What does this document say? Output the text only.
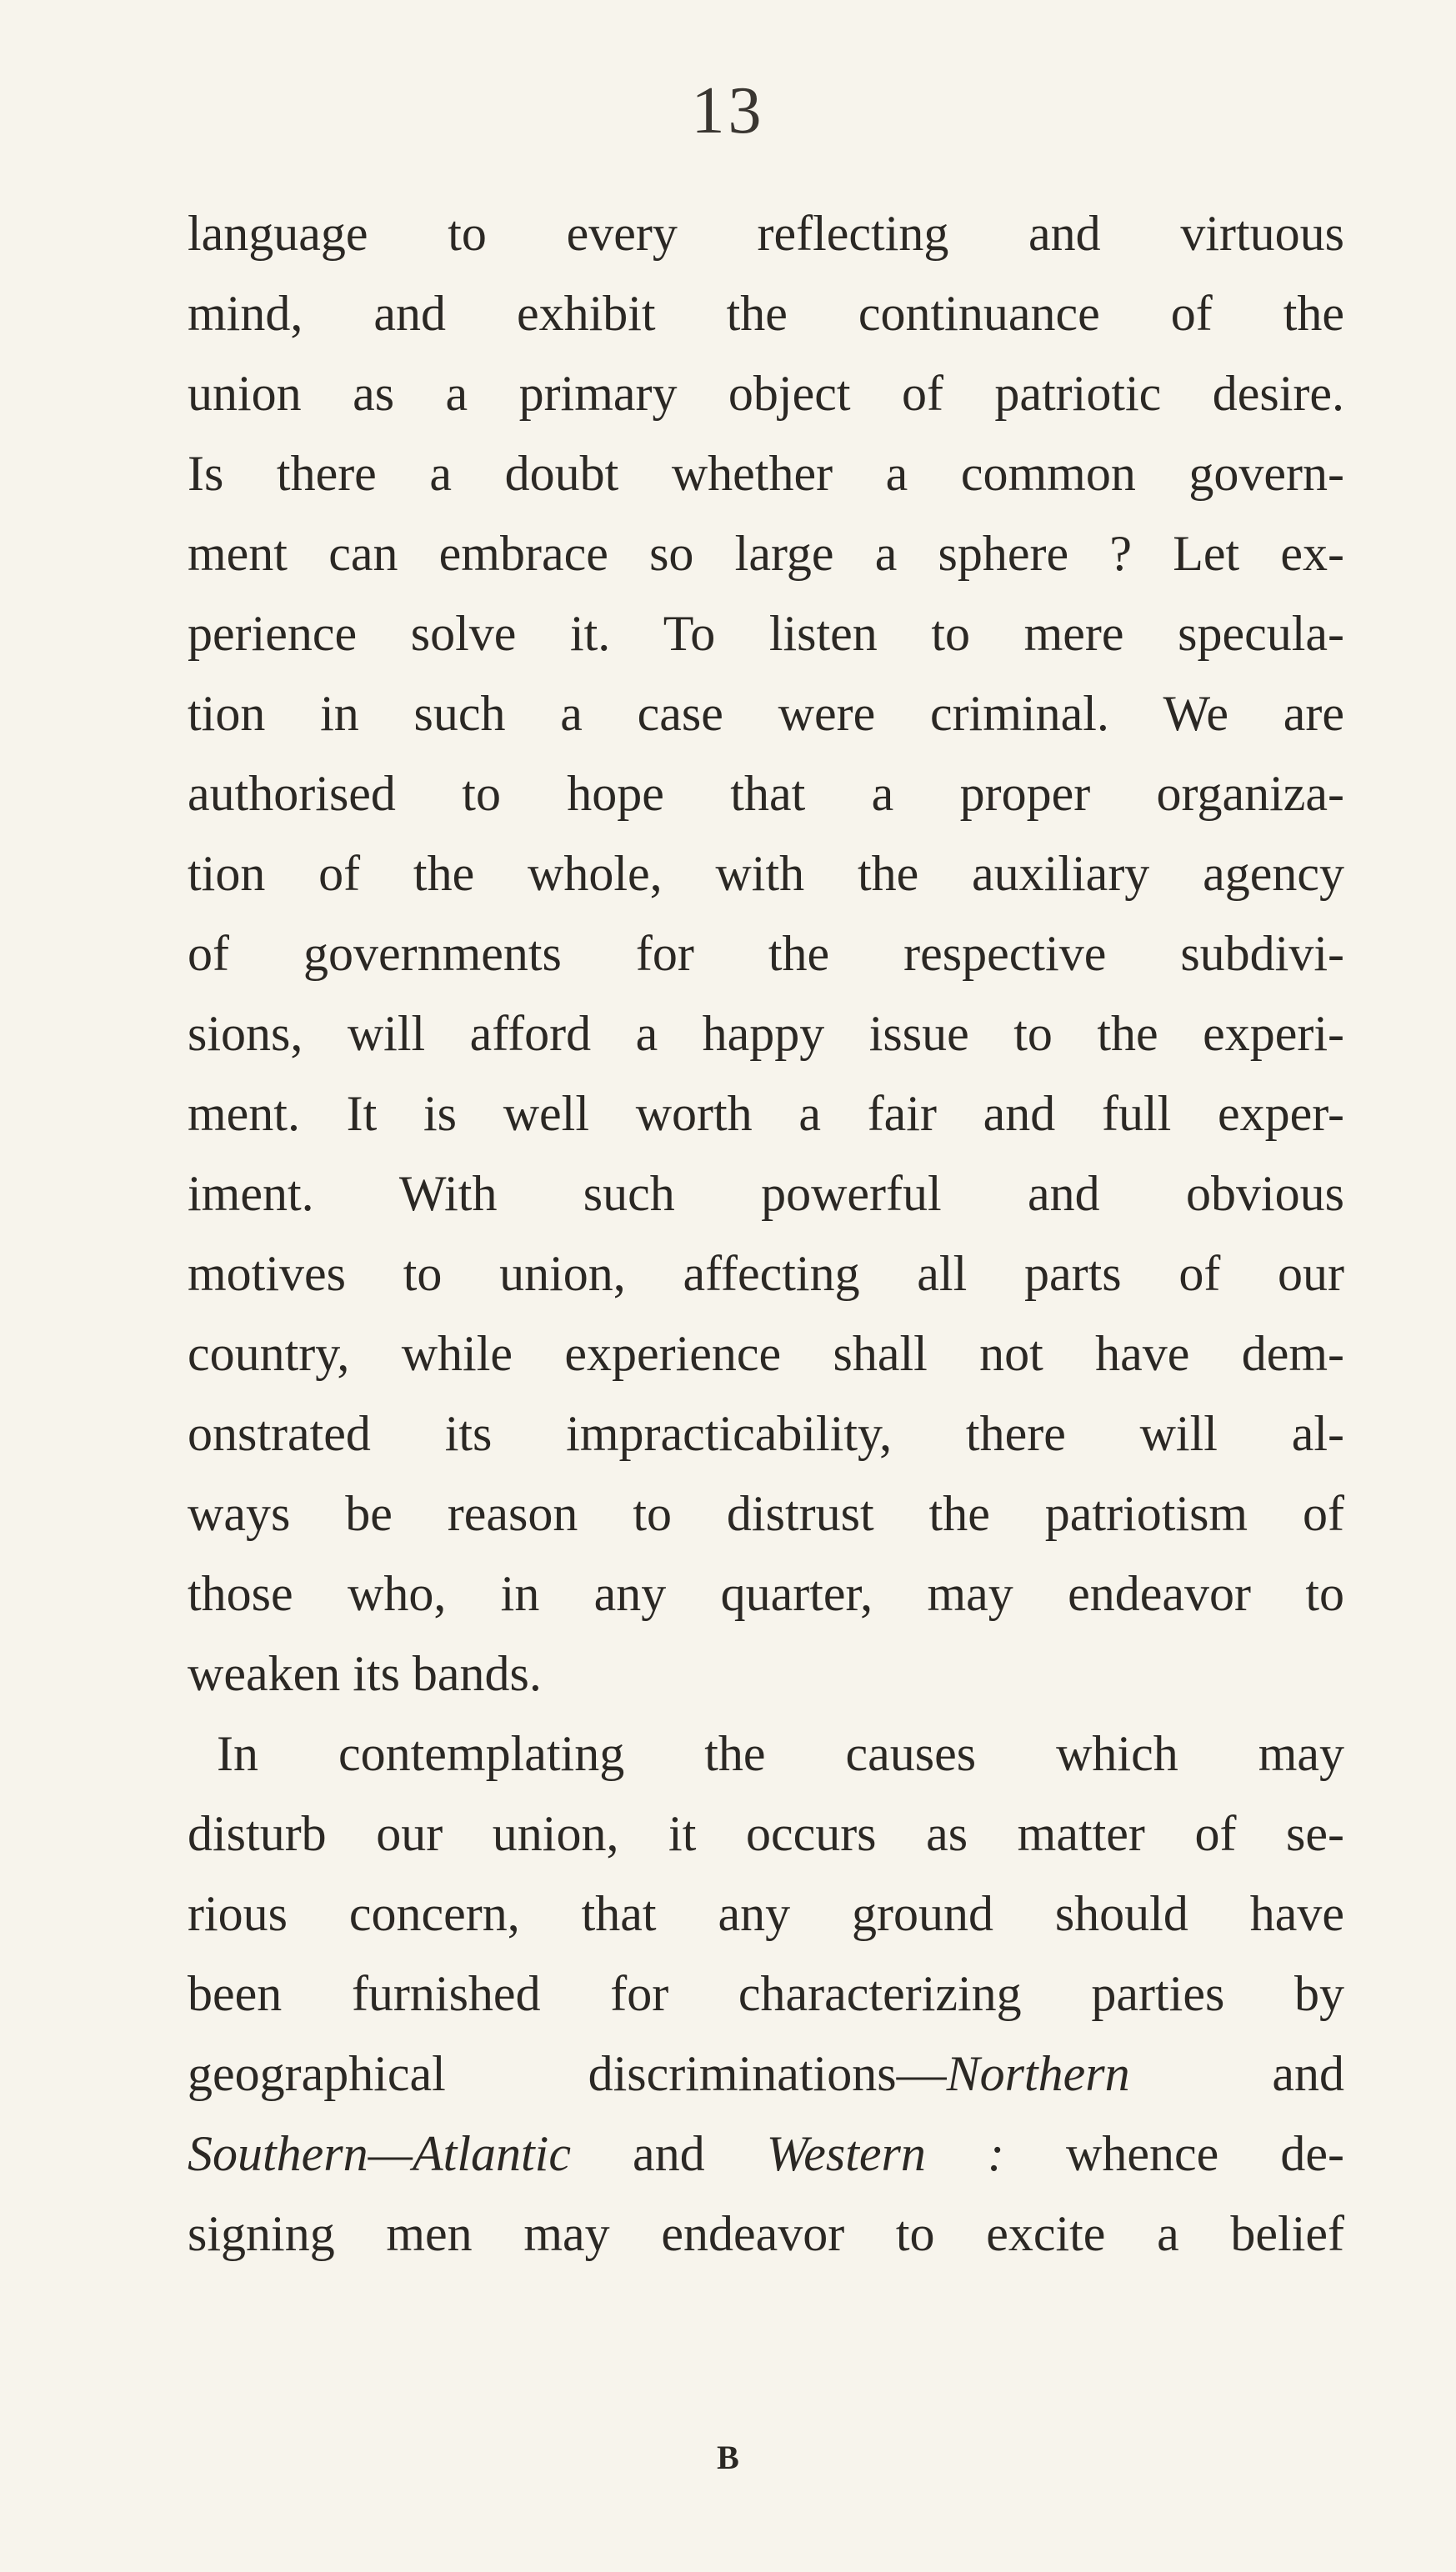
13
language to every reflecting and virtuous
mind, and exhibit the continuance of the
union as a primary object of patriotic desire.
Is there a doubt whether a common govern-
ment can embrace so large a sphere ? Let ex-
perience solve it. To listen to mere specula-
tion in such a case were criminal. We are
authorised to hope that a proper organiza-
tion of the whole, with the auxiliary agency
of governments for the respective subdivi-
sions, will afford a happy issue to the experi-
ment. It is well worth a fair and full exper-
iment. With such powerful and obvious
motives to union, affecting all parts of our
country, while experience shall not have dem-
onstrated its impracticability, there will al-
ways be reason to distrust the patriotism of
those who, in any quarter, may endeavor to
weaken its bands.
In contemplating the causes which may
disturb our union, it occurs as matter of se-
rious concern, that any ground should have
been furnished for characterizing parties by
geographical discriminations—Northern and
Southern—Atlantic and Western : whence de-
signing men may endeavor to excite a belief
B
